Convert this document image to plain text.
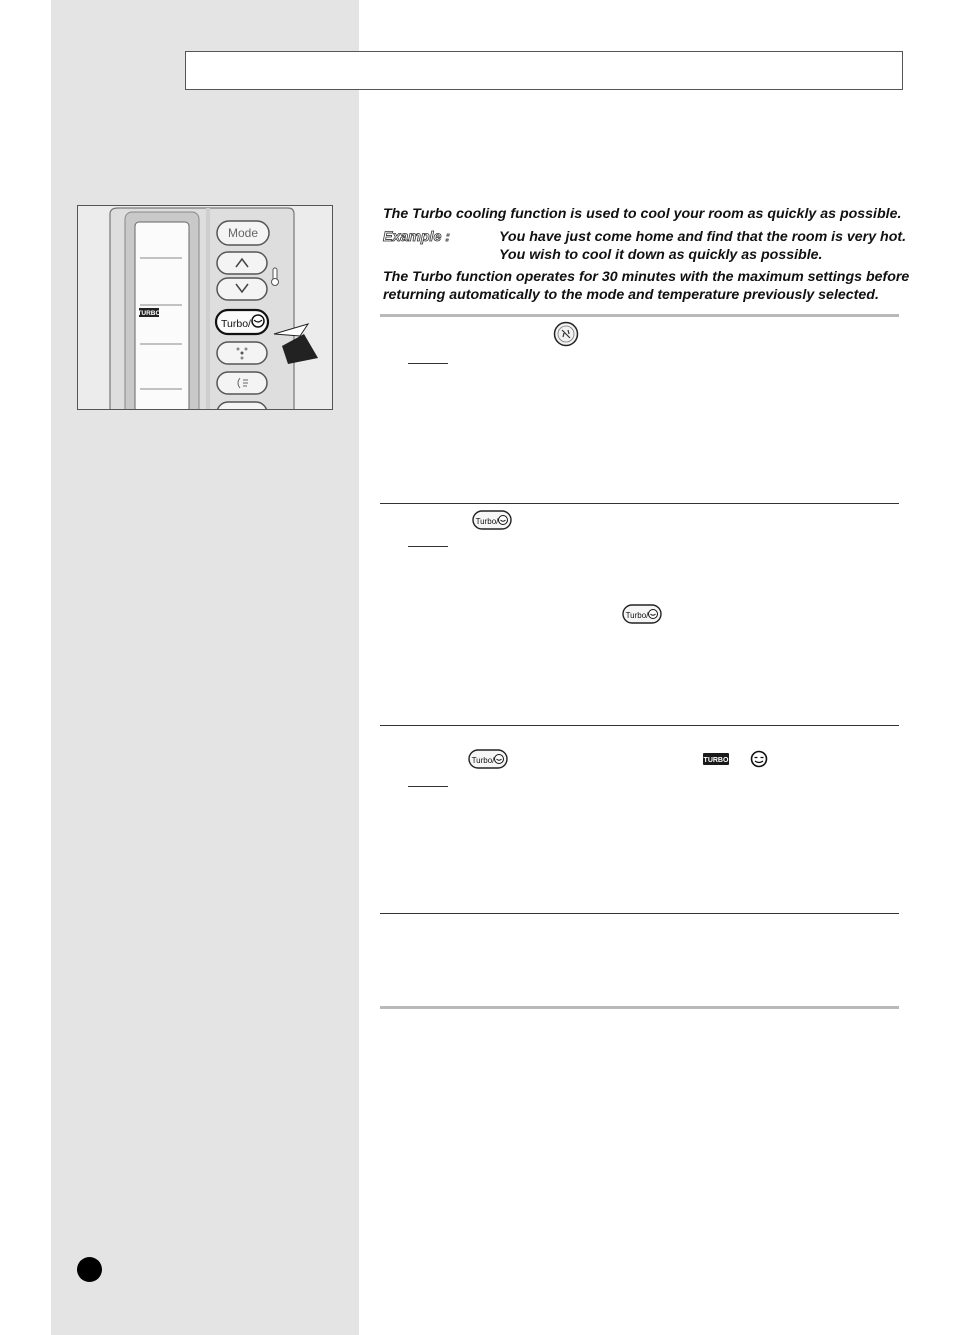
TURBO
Mode
Turbo/

The Turbo cooling function is used to cool your room as quickly as possible.

Example :	You have just come home and find that the room is very hot. You wish to cool it down as quickly as possible.

The Turbo function operates for 30 minutes with the maximum settings before returning automatically to the mode and temperature previously selected.

Turbo/
Turbo/
Turbo/	TURBO
